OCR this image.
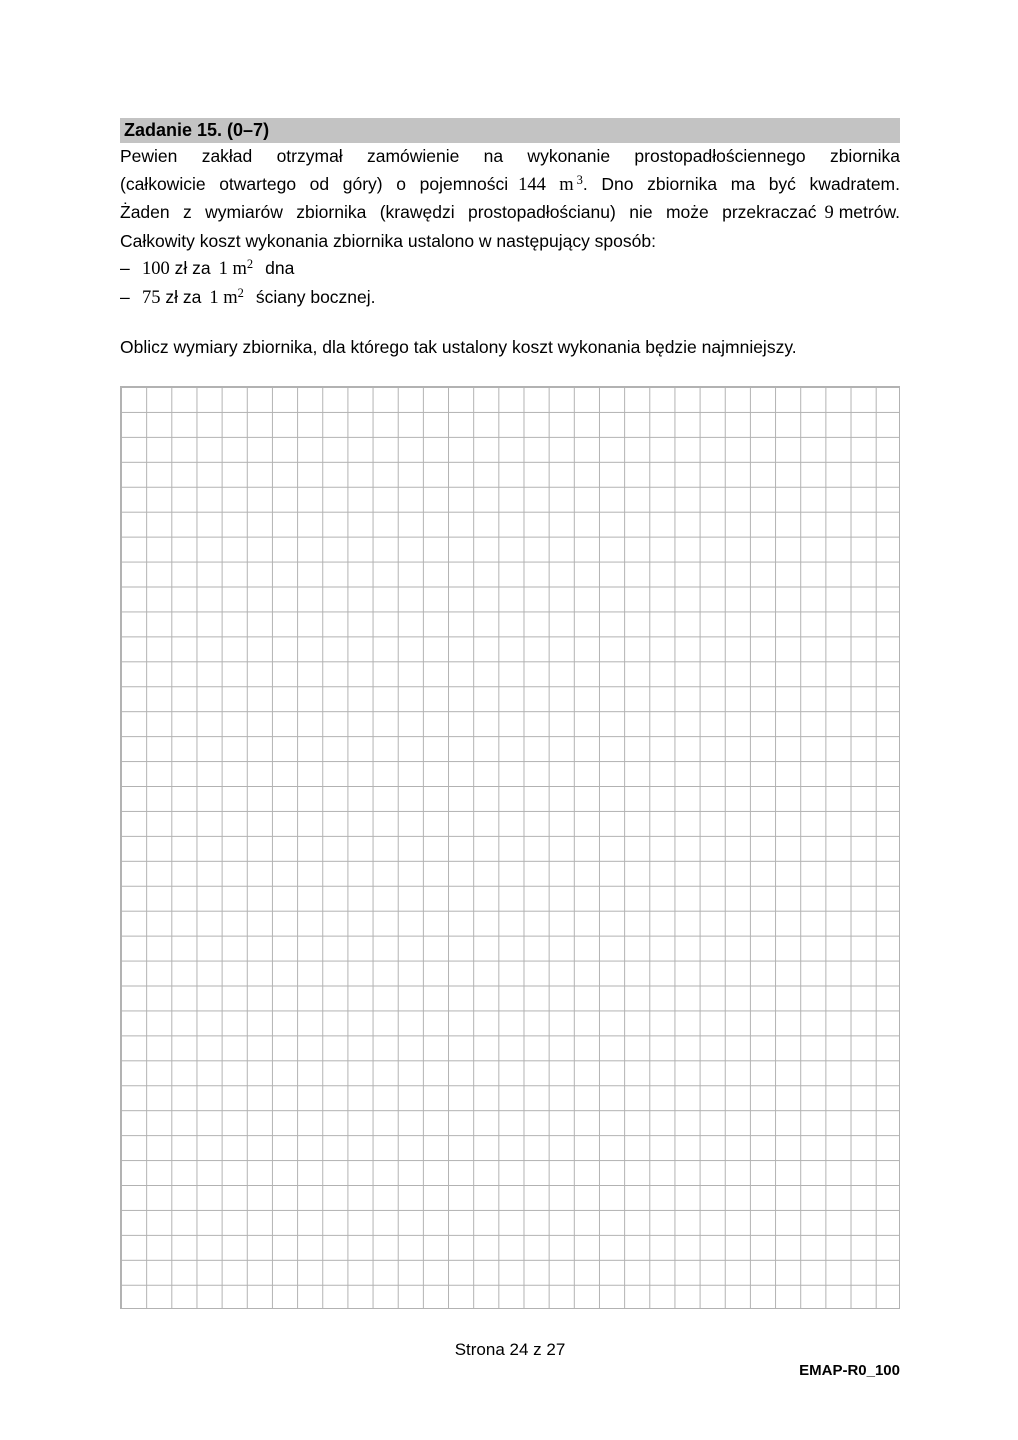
Zadanie 15. (0–7)
Pewien zakład otrzymał zamówienie na wykonanie prostopadłościennego zbiornika
(całkowicie otwartego od góry) o pojemności 144 m $^3$. Dno zbiornika ma być kwadratem.
Żaden z wymiarów zbiornika (krawędzi prostopadłościanu) nie może przekraczać 9 metrów.
Całkowity koszt wykonania zbiornika ustalono w następujący sposób:
– 100 zł za 1 $m^2$ dna
– 75 zł za 1 $m^2$ ściany bocznej.
Oblicz wymiary zbiornika, dla którego tak ustalony koszt wykonania będzie najmniejszy.
Strona 24 z 27
EMAP-R0_100
